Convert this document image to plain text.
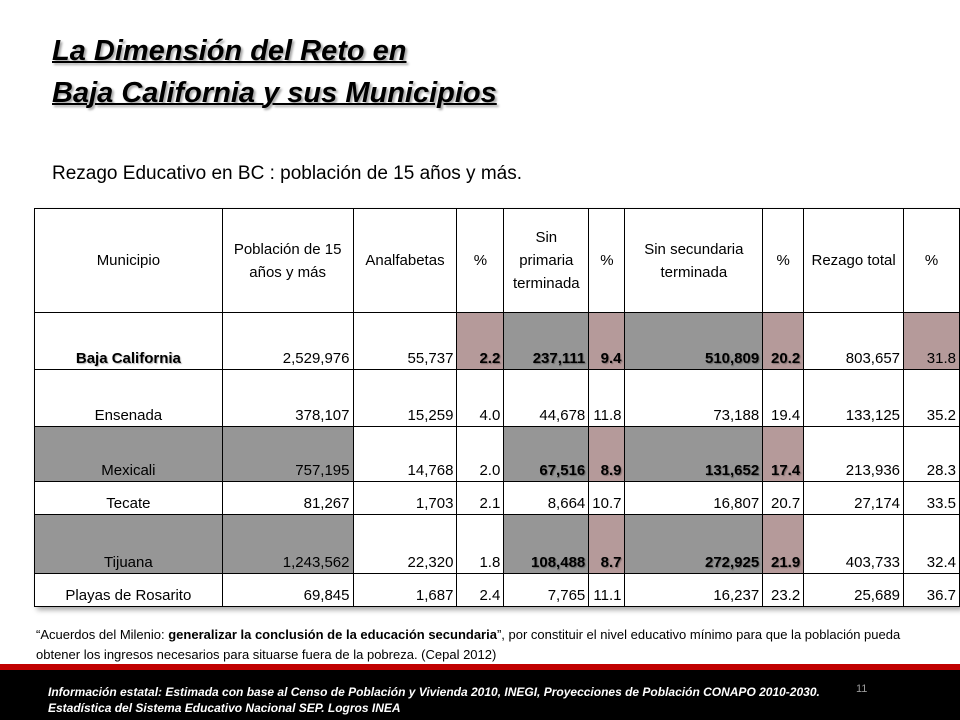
La Dimensión del Reto en
Baja California y sus Municipios

Rezago Educativo en BC : población de 15 años y más.

Municipio	Población de 15 años y más	Analfabetas	%	Sin primaria terminada	%	Sin secundaria terminada	%	Rezago total	%
Baja California	2,529,976	55,737	2.2	237,111	9.4	510,809	20.2	803,657	31.8
Ensenada	378,107	15,259	4.0	44,678	11.8	73,188	19.4	133,125	35.2
Mexicali	757,195	14,768	2.0	67,516	8.9	131,652	17.4	213,936	28.3
Tecate	81,267	1,703	2.1	8,664	10.7	16,807	20.7	27,174	33.5
Tijuana	1,243,562	22,320	1.8	108,488	8.7	272,925	21.9	403,733	32.4
Playas de Rosarito	69,845	1,687	2.4	7,765	11.1	16,237	23.2	25,689	36.7

“Acuerdos del Milenio: generalizar la conclusión de la educación secundaria”, por constituir el nivel educativo mínimo para que la población pueda obtener los ingresos necesarios para situarse fuera de la pobreza. (Cepal 2012)

Información estatal: Estimada con base al Censo de Población y Vivienda 2010, INEGI, Proyecciones de Población CONAPO 2010-2030.
Estadística del Sistema Educativo Nacional SEP. Logros INEA

11
